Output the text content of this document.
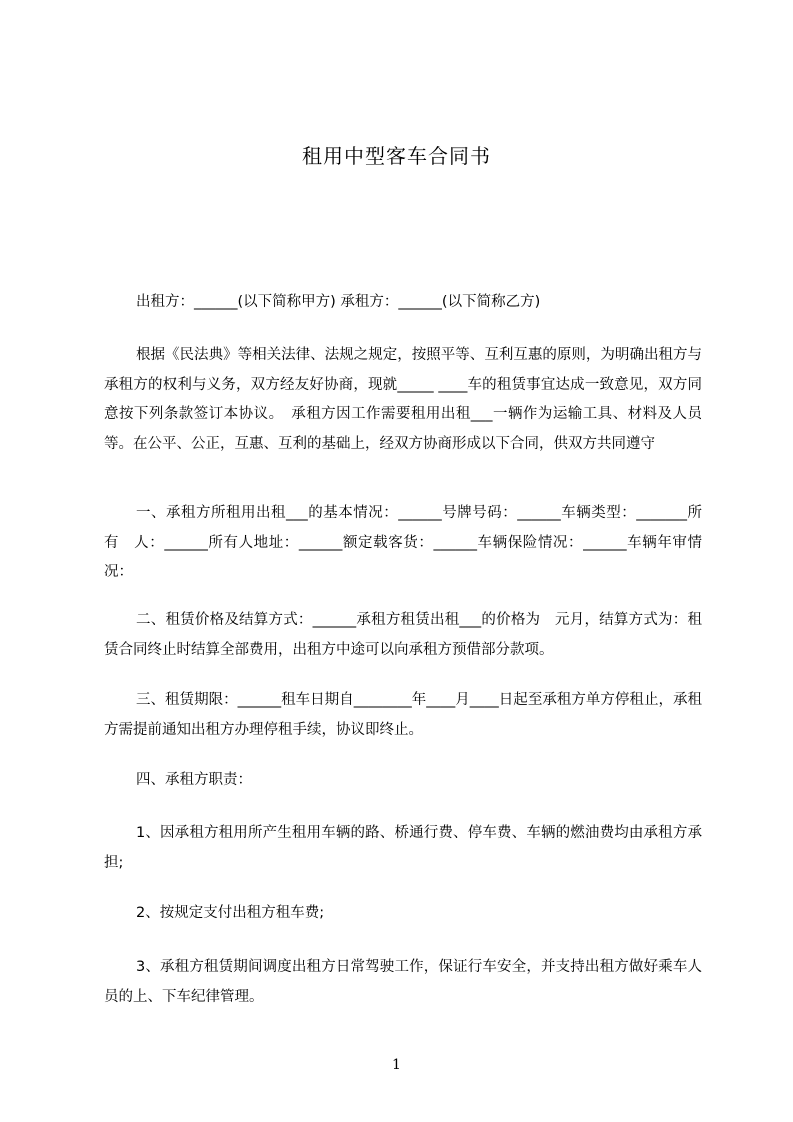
租用中型客车合同书

出租方：______(以下简称甲方) 承租方：______(以下简称乙方)

根据《民法典》等相关法律、法规之规定，按照平等、互利互惠的原则，为明确出租方与承租方的权利与义务，双方经友好协商，现就_____ ____车的租赁事宜达成一致意见，双方同意按下列条款签订本协议。　承租方因工作需要租用出租___一辆作为运输工具、材料及人员等。在公平、公正，互惠、互利的基础上，经双方协商形成以下合同，供双方共同遵守

一、承租方所租用出租___的基本情况：______号牌号码：______车辆类型：_______所 有　人：______所有人地址：______额定载客货：______车辆保险情况：______车辆年审情况：

二、租赁价格及结算方式：______承租方租赁出租___的价格为　元月，结算方式为：租赁合同终止时结算全部费用，出租方中途可以向承租方预借部分款项。

三、租赁期限：______租车日期自________年____月____日起至承租方单方停租止，承租方需提前通知出租方办理停租手续，协议即终止。

四、承租方职责：

1、因承租方租用所产生租用车辆的路、桥通行费、停车费、车辆的燃油费均由承租方承担;

2、按规定支付出租方租车费;

3、承租方租赁期间调度出租方日常驾驶工作，保证行车安全，并支持出租方做好乘车人员的上、下车纪律管理。

1
